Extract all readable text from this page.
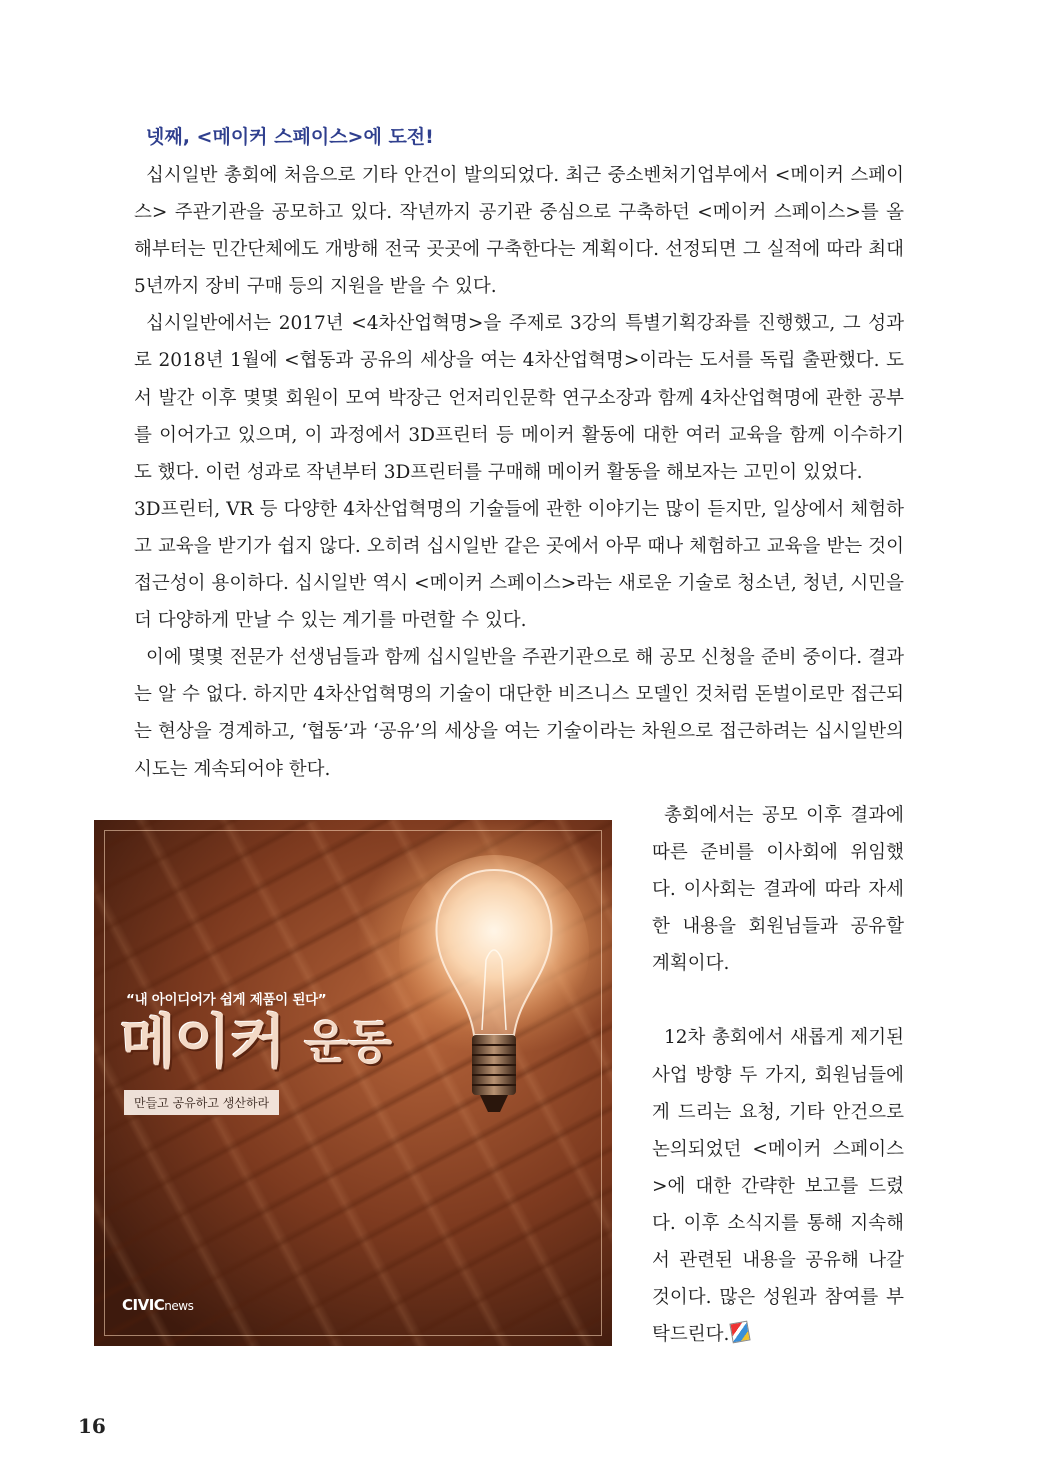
넷째, <메이커 스페이스>에 도전!

십시일반 총회에 처음으로 기타 안건이 발의되었다. 최근 중소벤처기업부에서 <메이커 스페이스> 주관기관을 공모하고 있다. 작년까지 공기관 중심으로 구축하던 <메이커 스페이스>를 올해부터는 민간단체에도 개방해 전국 곳곳에 구축한다는 계획이다. 선정되면 그 실적에 따라 최대 5년까지 장비 구매 등의 지원을 받을 수 있다.

십시일반에서는 2017년 <4차산업혁명>을 주제로 3강의 특별기획강좌를 진행했고, 그 성과로 2018년 1월에 <협동과 공유의 세상을 여는 4차산업혁명>이라는 도서를 독립 출판했다. 도서 발간 이후 몇몇 회원이 모여 박장근 언저리인문학 연구소장과 함께 4차산업혁명에 관한 공부를 이어가고 있으며, 이 과정에서 3D프린터 등 메이커 활동에 대한 여러 교육을 함께 이수하기도 했다. 이런 성과로 작년부터 3D프린터를 구매해 메이커 활동을 해보자는 고민이 있었다.

3D프린터, VR 등 다양한 4차산업혁명의 기술들에 관한 이야기는 많이 듣지만, 일상에서 체험하고 교육을 받기가 쉽지 않다. 오히려 십시일반 같은 곳에서 아무 때나 체험하고 교육을 받는 것이 접근성이 용이하다. 십시일반 역시 <메이커 스페이스>라는 새로운 기술로 청소년, 청년, 시민을 더 다양하게 만날 수 있는 계기를 마련할 수 있다.

이에 몇몇 전문가 선생님들과 함께 십시일반을 주관기관으로 해 공모 신청을 준비 중이다. 결과는 알 수 없다. 하지만 4차산업혁명의 기술이 대단한 비즈니스 모델인 것처럼 돈벌이로만 접근되는 현상을 경계하고, ‘협동’과 ‘공유’의 세상을 여는 기술이라는 차원으로 접근하려는 십시일반의 시도는 계속되어야 한다.

“내 아이디어가 쉽게 제품이 된다”

메이커 운동

만들고 공유하고 생산하라

CIVICnews

총회에서는 공모 이후 결과에 따른 준비를 이사회에 위임했다. 이사회는 결과에 따라 자세한 내용을 회원님들과 공유할 계획이다.

12차 총회에서 새롭게 제기된 사업 방향 두 가지, 회원님들에게 드리는 요청, 기타 안건으로 논의되었던 <메이커 스페이스>에 대한 간략한 보고를 드렸다. 이후 소식지를 통해 지속해서 관련된 내용을 공유해 나갈 것이다. 많은 성원과 참여를 부탁드린다.

16
